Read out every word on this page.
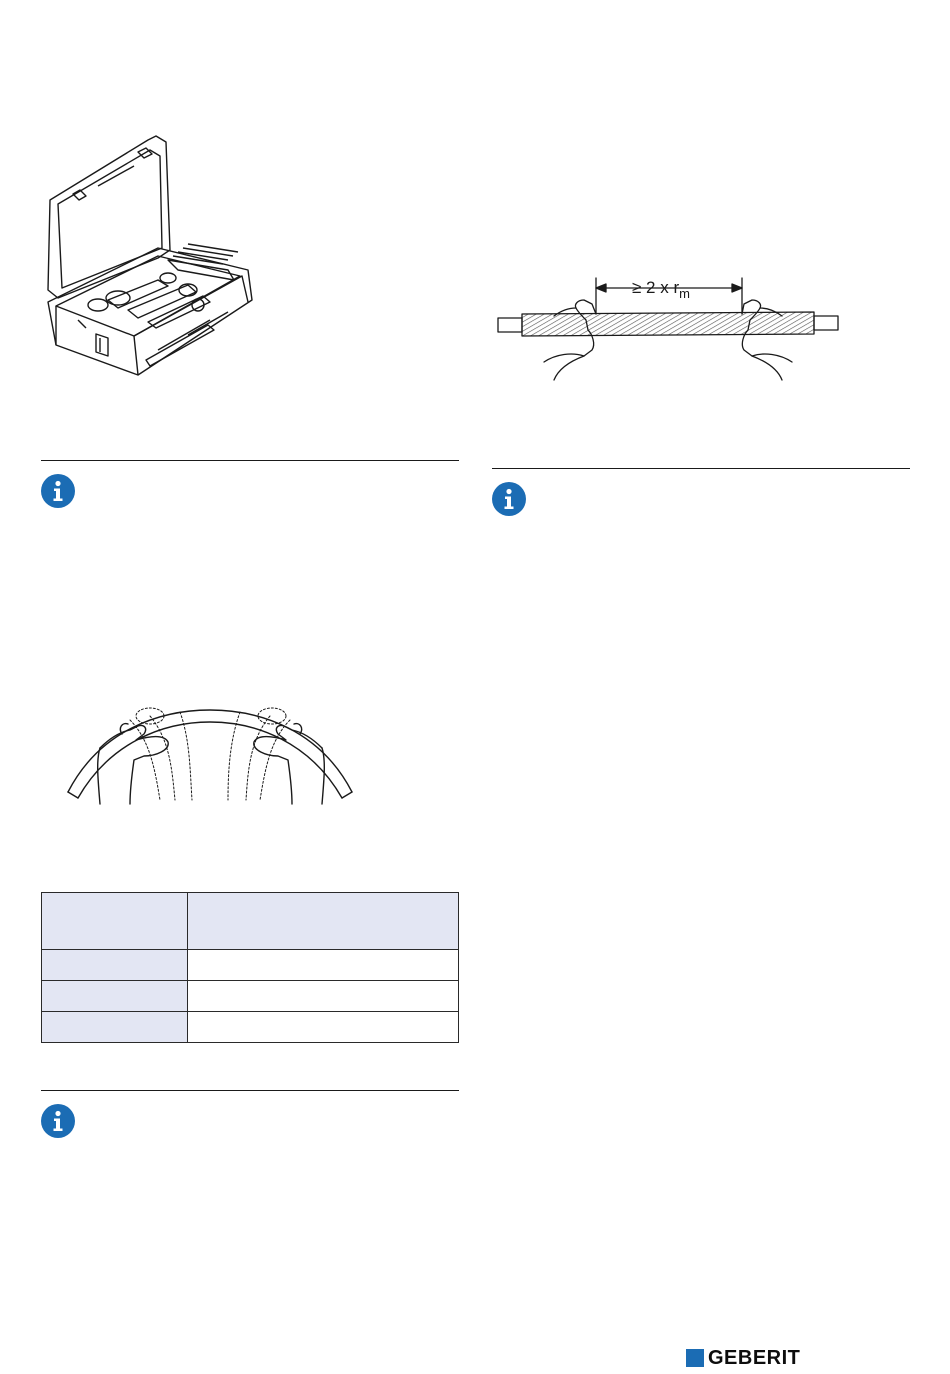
≥ 2 x $r_m$
GEBERIT
